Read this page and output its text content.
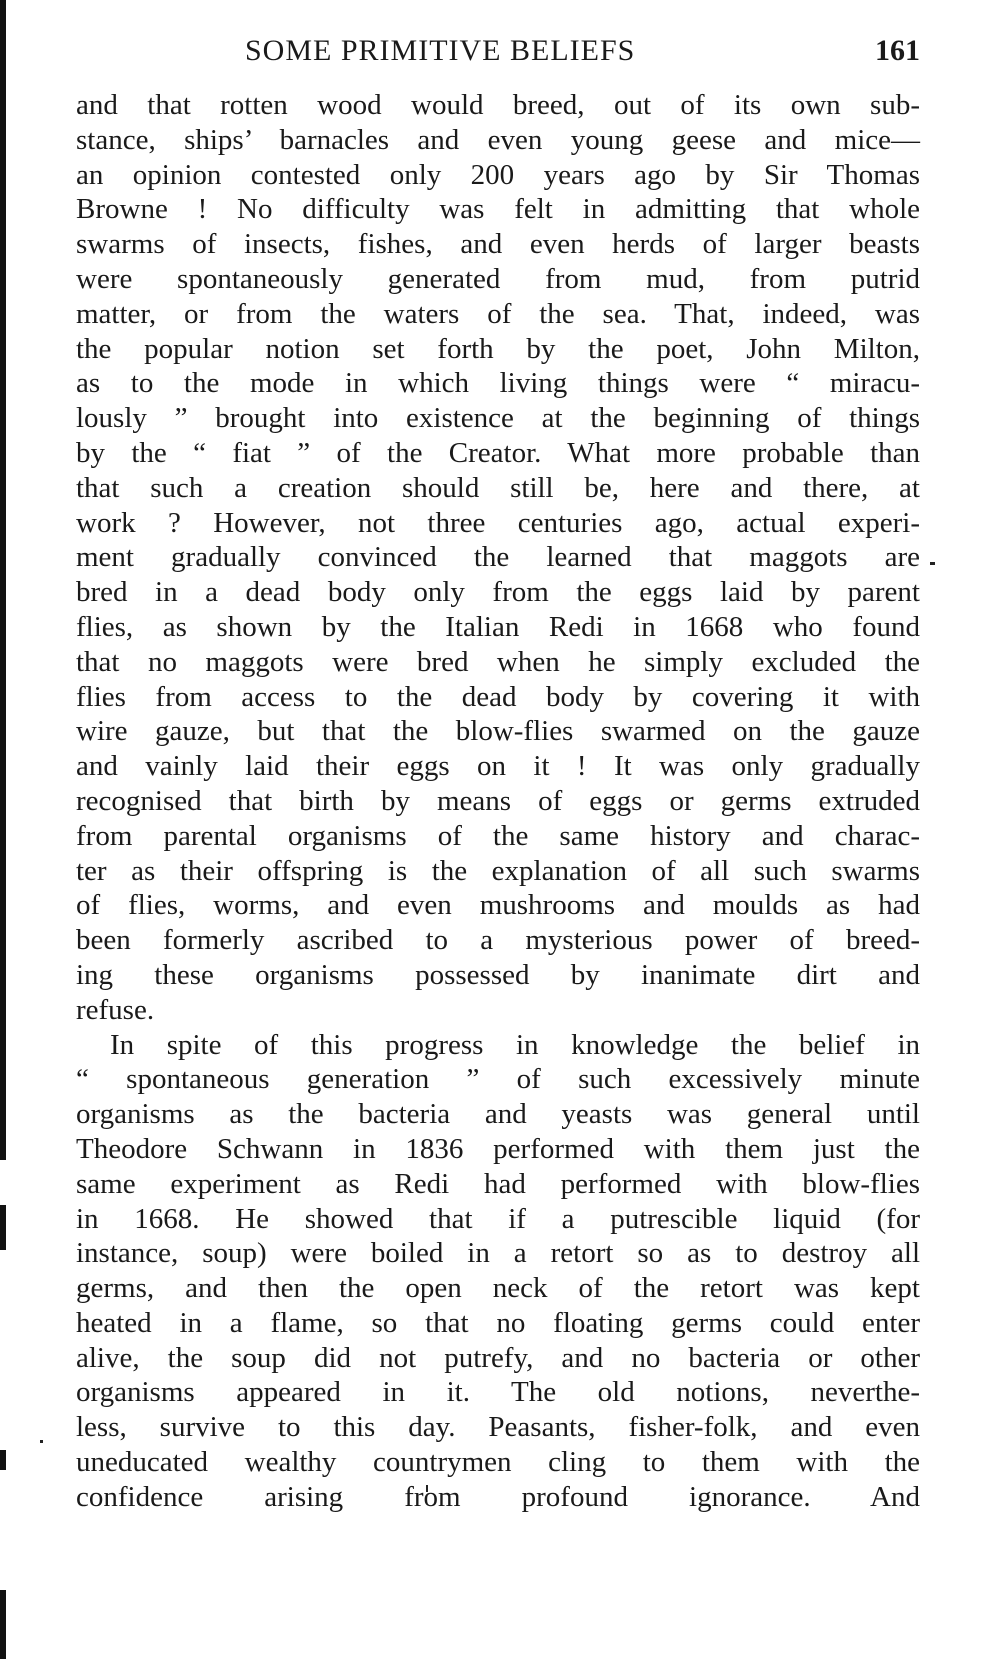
SOME PRIMITIVE BELIEFS	161
and that rotten wood would breed, out of its own sub-
stance, ships’ barnacles and even young geese and mice—
an opinion contested only 200 years ago by Sir Thomas
Browne ! No difficulty was felt in admitting that whole
swarms of insects, fishes, and even herds of larger beasts
were spontaneously generated from mud, from putrid
matter, or from the waters of the sea. That, indeed, was
the popular notion set forth by the poet, John Milton,
as to the mode in which living things were “ miracu-
lously ” brought into existence at the beginning of things
by the “ fiat ” of the Creator. What more probable than
that such a creation should still be, here and there, at
work ? However, not three centuries ago, actual experi-
ment gradually convinced the learned that maggots are
bred in a dead body only from the eggs laid by parent
flies, as shown by the Italian Redi in 1668 who found
that no maggots were bred when he simply excluded the
flies from access to the dead body by covering it with
wire gauze, but that the blow-flies swarmed on the gauze
and vainly laid their eggs on it ! It was only gradually
recognised that birth by means of eggs or germs extruded
from parental organisms of the same history and charac-
ter as their offspring is the explanation of all such swarms
of flies, worms, and even mushrooms and moulds as had
been formerly ascribed to a mysterious power of breed-
ing these organisms possessed by inanimate dirt and
refuse.
In spite of this progress in knowledge the belief in
“ spontaneous generation ” of such excessively minute
organisms as the bacteria and yeasts was general until
Theodore Schwann in 1836 performed with them just the
same experiment as Redi had performed with blow-flies
in 1668. He showed that if a putrescible liquid (for
instance, soup) were boiled in a retort so as to destroy all
germs, and then the open neck of the retort was kept
heated in a flame, so that no floating germs could enter
alive, the soup did not putrefy, and no bacteria or other
organisms appeared in it. The old notions, neverthe-
less, survive to this day. Peasants, fisher-folk, and even
uneducated wealthy countrymen cling to them with the
confidence arising from profound ignorance. And
